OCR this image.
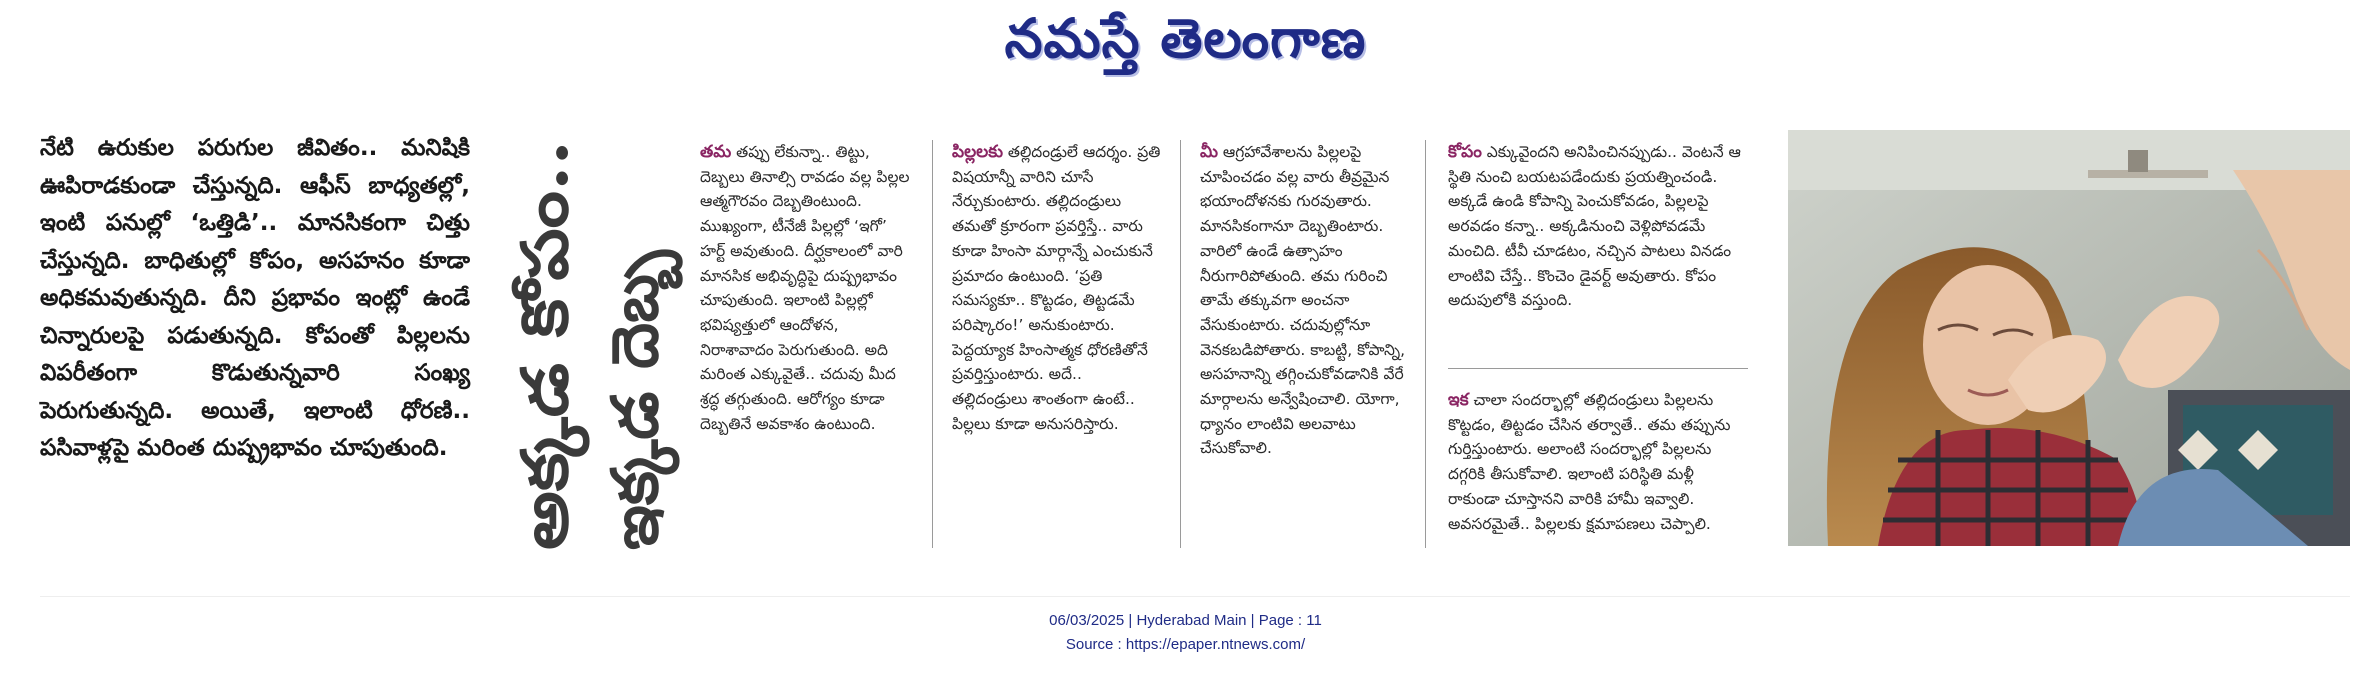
నమస్తే తెలంగాణ
నేటి ఉరుకుల పరుగుల జీవితం.. మనిషికి ఊపిరాడకుండా చేస్తున్నది. ఆఫీస్ బాధ్యతల్లో, ఇంటి పనుల్లో ‘ఒత్తిడి’.. మానసికంగా చిత్తు చేస్తున్నది. బాధితుల్లో కోపం, అసహనం కూడా అధికమవుతున్నది. దీని ప్రభావం ఇంట్లో ఉండే చిన్నారులపై పడుతున్నది. కోపంతో పిల్లలను విపరీతంగా కొడుతున్నవారి సంఖ్య పెరుగుతున్నది. అయితే, ఇలాంటి ధోరణి.. పసివాళ్లపై మరింత దుష్ప్రభావం చూపుతుంది. అక్కడ కోపం.. ఇక్కడ దెబ్బ
తమ తప్పు లేకున్నా.. తిట్టు, దెబ్బలు తినాల్సి రావడం వల్ల పిల్లల ఆత్మగౌరవం దెబ్బతింటుంది. ముఖ్యంగా, టీనేజీ పిల్లల్లో ‘ఇగో’ హర్ట్ అవుతుంది. దీర్ఘకాలంలో వారి మానసిక అభివృద్ధిపై దుష్ప్రభావం చూపుతుంది. ఇలాంటి పిల్లల్లో భవిష్యత్తులో ఆందోళన, నిరాశావాదం పెరుగుతుంది. అది మరింత ఎక్కువైతే.. చదువు మీద శ్రద్ధ తగ్గుతుంది. ఆరోగ్యం కూడా దెబ్బతినే అవకాశం ఉంటుంది.
పిల్లలకు తల్లిదండ్రులే ఆదర్శం. ప్రతి విషయాన్నీ వారిని చూసే నేర్చుకుంటారు. తల్లిదండ్రులు తమతో క్రూరంగా ప్రవర్తిస్తే.. వారు కూడా హింసా మార్గాన్నే ఎంచుకునే ప్రమాదం ఉంటుంది. ‘ప్రతి సమస్యకూ.. కొట్టడం, తిట్టడమే పరిష్కారం!’ అనుకుంటారు. పెద్దయ్యాక హింసాత్మక ధోరణితోనే ప్రవర్తిస్తుంటారు. అదే.. తల్లిదండ్రులు శాంతంగా ఉంటే.. పిల్లలు కూడా అనుసరిస్తారు.
మీ ఆగ్రహావేశాలను పిల్లలపై చూపించడం వల్ల వారు తీవ్రమైన భయాందోళనకు గురవుతారు. మానసికంగానూ దెబ్బతింటారు. వారిలో ఉండే ఉత్సాహం నీరుగారిపోతుంది. తమ గురించి తామే తక్కువగా అంచనా వేసుకుంటారు. చదువుల్లోనూ వెనకబడిపోతారు. కాబట్టి, కోపాన్ని, అసహనాన్ని తగ్గించుకోవడానికి వేరే మార్గాలను అన్వేషించాలి. యోగా, ధ్యానం లాంటివి అలవాటు చేసుకోవాలి.
కోపం ఎక్కువైందని అనిపించినప్పుడు.. వెంటనే ఆ స్థితి నుంచి బయటపడేందుకు ప్రయత్నించండి. అక్కడే ఉండి కోపాన్ని పెంచుకోవడం, పిల్లలపై అరవడం కన్నా.. అక్కడినుంచి వెళ్లిపోవడమే మంచిది. టీవీ చూడటం, నచ్చిన పాటలు వినడం లాంటివి చేస్తే.. కొంచెం డైవర్ట్ అవుతారు. కోపం అదుపులోకి వస్తుంది.
ఇక చాలా సందర్భాల్లో తల్లిదండ్రులు పిల్లలను కొట్టడం, తిట్టడం చేసిన తర్వాతే.. తమ తప్పును గుర్తిస్తుంటారు. అలాంటి సందర్భాల్లో పిల్లలను దగ్గరికి తీసుకోవాలి. ఇలాంటి పరిస్థితి మళ్లీ రాకుండా చూస్తానని వారికి హామీ ఇవ్వాలి. అవసరమైతే.. పిల్లలకు క్షమాపణలు చెప్పాలి.
06/03/2025 | Hyderabad Main | Page : 11
Source : https://epaper.ntnews.com/
